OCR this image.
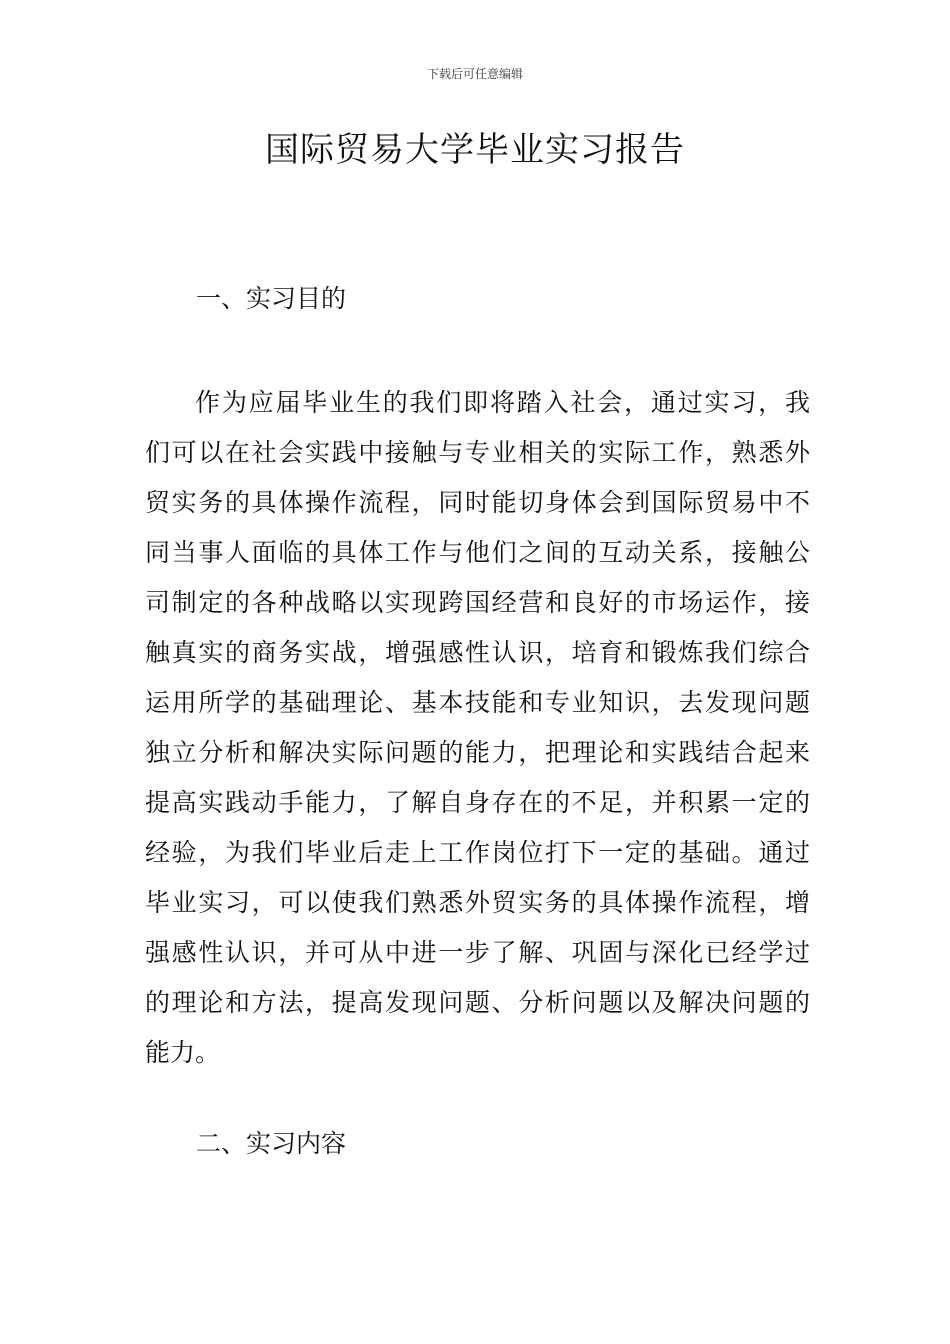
下载后可任意编辑
国际贸易大学毕业实习报告
一、实习目的
作为应届毕业生的我们即将踏入社会，通过实习，我
们可以在社会实践中接触与专业相关的实际工作，熟悉外
贸实务的具体操作流程，同时能切身体会到国际贸易中不
同当事人面临的具体工作与他们之间的互动关系，接触公
司制定的各种战略以实现跨国经营和良好的市场运作，接
触真实的商务实战，增强感性认识，培育和锻炼我们综合
运用所学的基础理论、基本技能和专业知识，去发现问题
独立分析和解决实际问题的能力，把理论和实践结合起来
提高实践动手能力，了解自身存在的不足，并积累一定的
经验，为我们毕业后走上工作岗位打下一定的基础。通过
毕业实习，可以使我们熟悉外贸实务的具体操作流程，增
强感性认识，并可从中进一步了解、巩固与深化已经学过
的理论和方法，提高发现问题、分析问题以及解决问题的
能力。
二、实习内容
